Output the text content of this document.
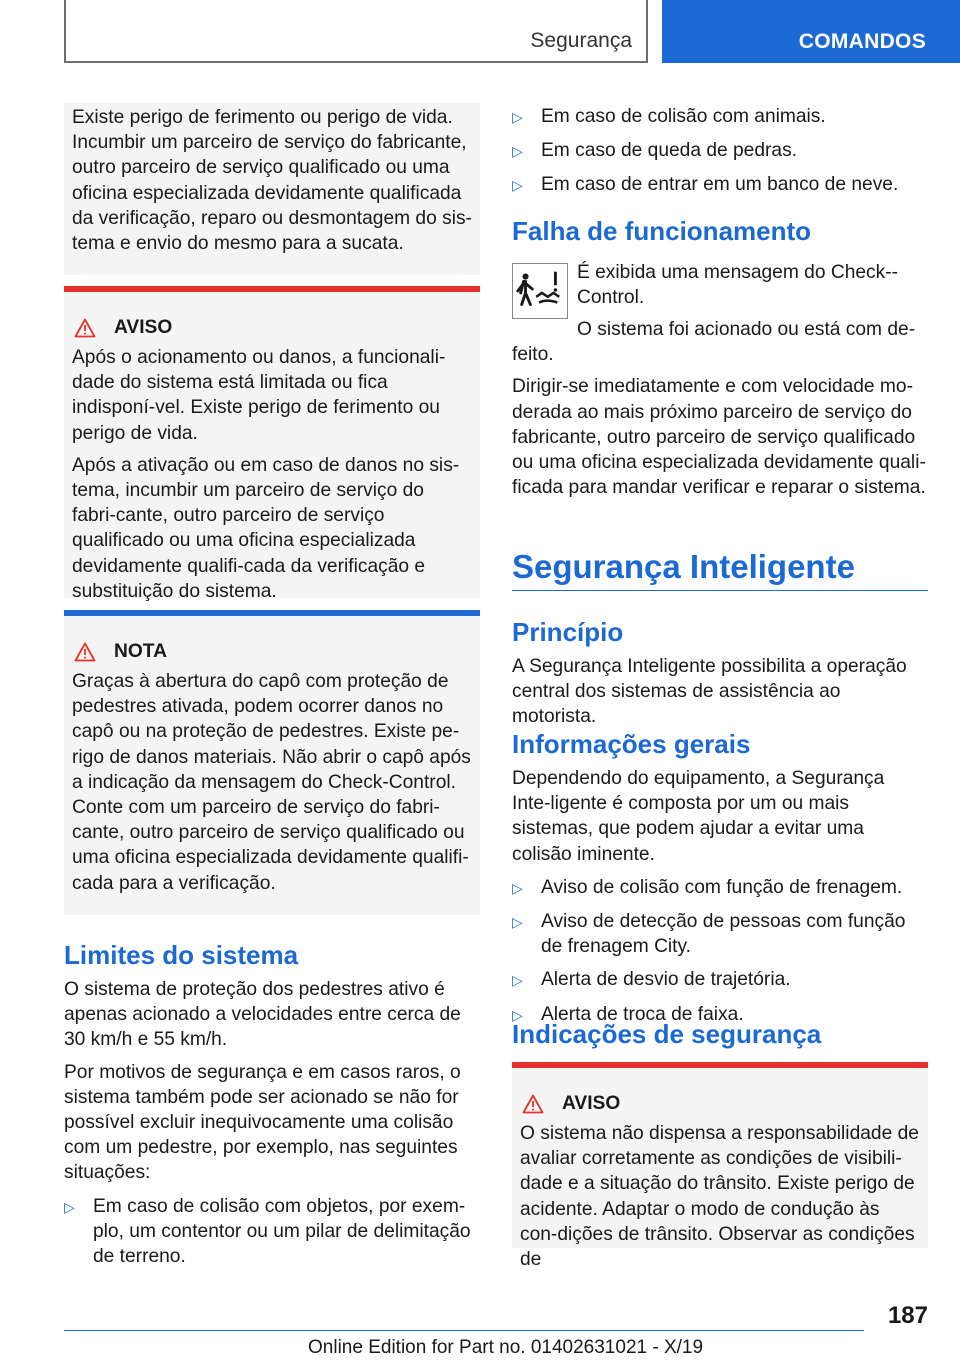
Segurança	COMANDOS

Existe perigo de ferimento ou perigo de vida. Incumbir um parceiro de serviço do fabricante, outro parceiro de serviço qualificado ou uma oficina especializada devidamente qualificada da verificação, reparo ou desmontagem do sis-tema e envio do mesmo para a sucata.

AVISO

Após o acionamento ou danos, a funcionali-dade do sistema está limitada ou fica indisponí-vel. Existe perigo de ferimento ou perigo de vida.

Após a ativação ou em caso de danos no sis-tema, incumbir um parceiro de serviço do fabri-cante, outro parceiro de serviço qualificado ou uma oficina especializada devidamente qualifi-cada da verificação e substituição do sistema.

NOTA

Graças à abertura do capô com proteção de pedestres ativada, podem ocorrer danos no capô ou na proteção de pedestres. Existe pe-rigo de danos materiais. Não abrir o capô após a indicação da mensagem do Check-Control. Conte com um parceiro de serviço do fabri-cante, outro parceiro de serviço qualificado ou uma oficina especializada devidamente qualifi-cada para a verificação.

Limites do sistema

O sistema de proteção dos pedestres ativo é apenas acionado a velocidades entre cerca de 30 km/h e 55 km/h.

Por motivos de segurança e em casos raros, o sistema também pode ser acionado se não for possível excluir inequivocamente uma colisão com um pedestre, por exemplo, nas seguintes situações:

▷ Em caso de colisão com objetos, por exem-plo, um contentor ou um pilar de delimitação de terreno.
▷ Em caso de colisão com animais.
▷ Em caso de queda de pedras.
▷ Em caso de entrar em um banco de neve.

Falha de funcionamento

É exibida uma mensagem do Check--Control.

O sistema foi acionado ou está com de-feito.

Dirigir-se imediatamente e com velocidade mo-derada ao mais próximo parceiro de serviço do fabricante, outro parceiro de serviço qualificado ou uma oficina especializada devidamente quali-ficada para mandar verificar e reparar o sistema.

Segurança Inteligente

Princípio

A Segurança Inteligente possibilita a operação central dos sistemas de assistência ao motorista.

Informações gerais

Dependendo do equipamento, a Segurança Inte-ligente é composta por um ou mais sistemas, que podem ajudar a evitar uma colisão iminente.

▷ Aviso de colisão com função de frenagem.
▷ Aviso de detecção de pessoas com função de frenagem City.
▷ Alerta de desvio de trajetória.
▷ Alerta de troca de faixa.

Indicações de segurança

AVISO

O sistema não dispensa a responsabilidade de avaliar corretamente as condições de visibili-dade e a situação do trânsito. Existe perigo de acidente. Adaptar o modo de condução às con-dições de trânsito. Observar as condições de

187
Online Edition for Part no. 01402631021 - X/19
